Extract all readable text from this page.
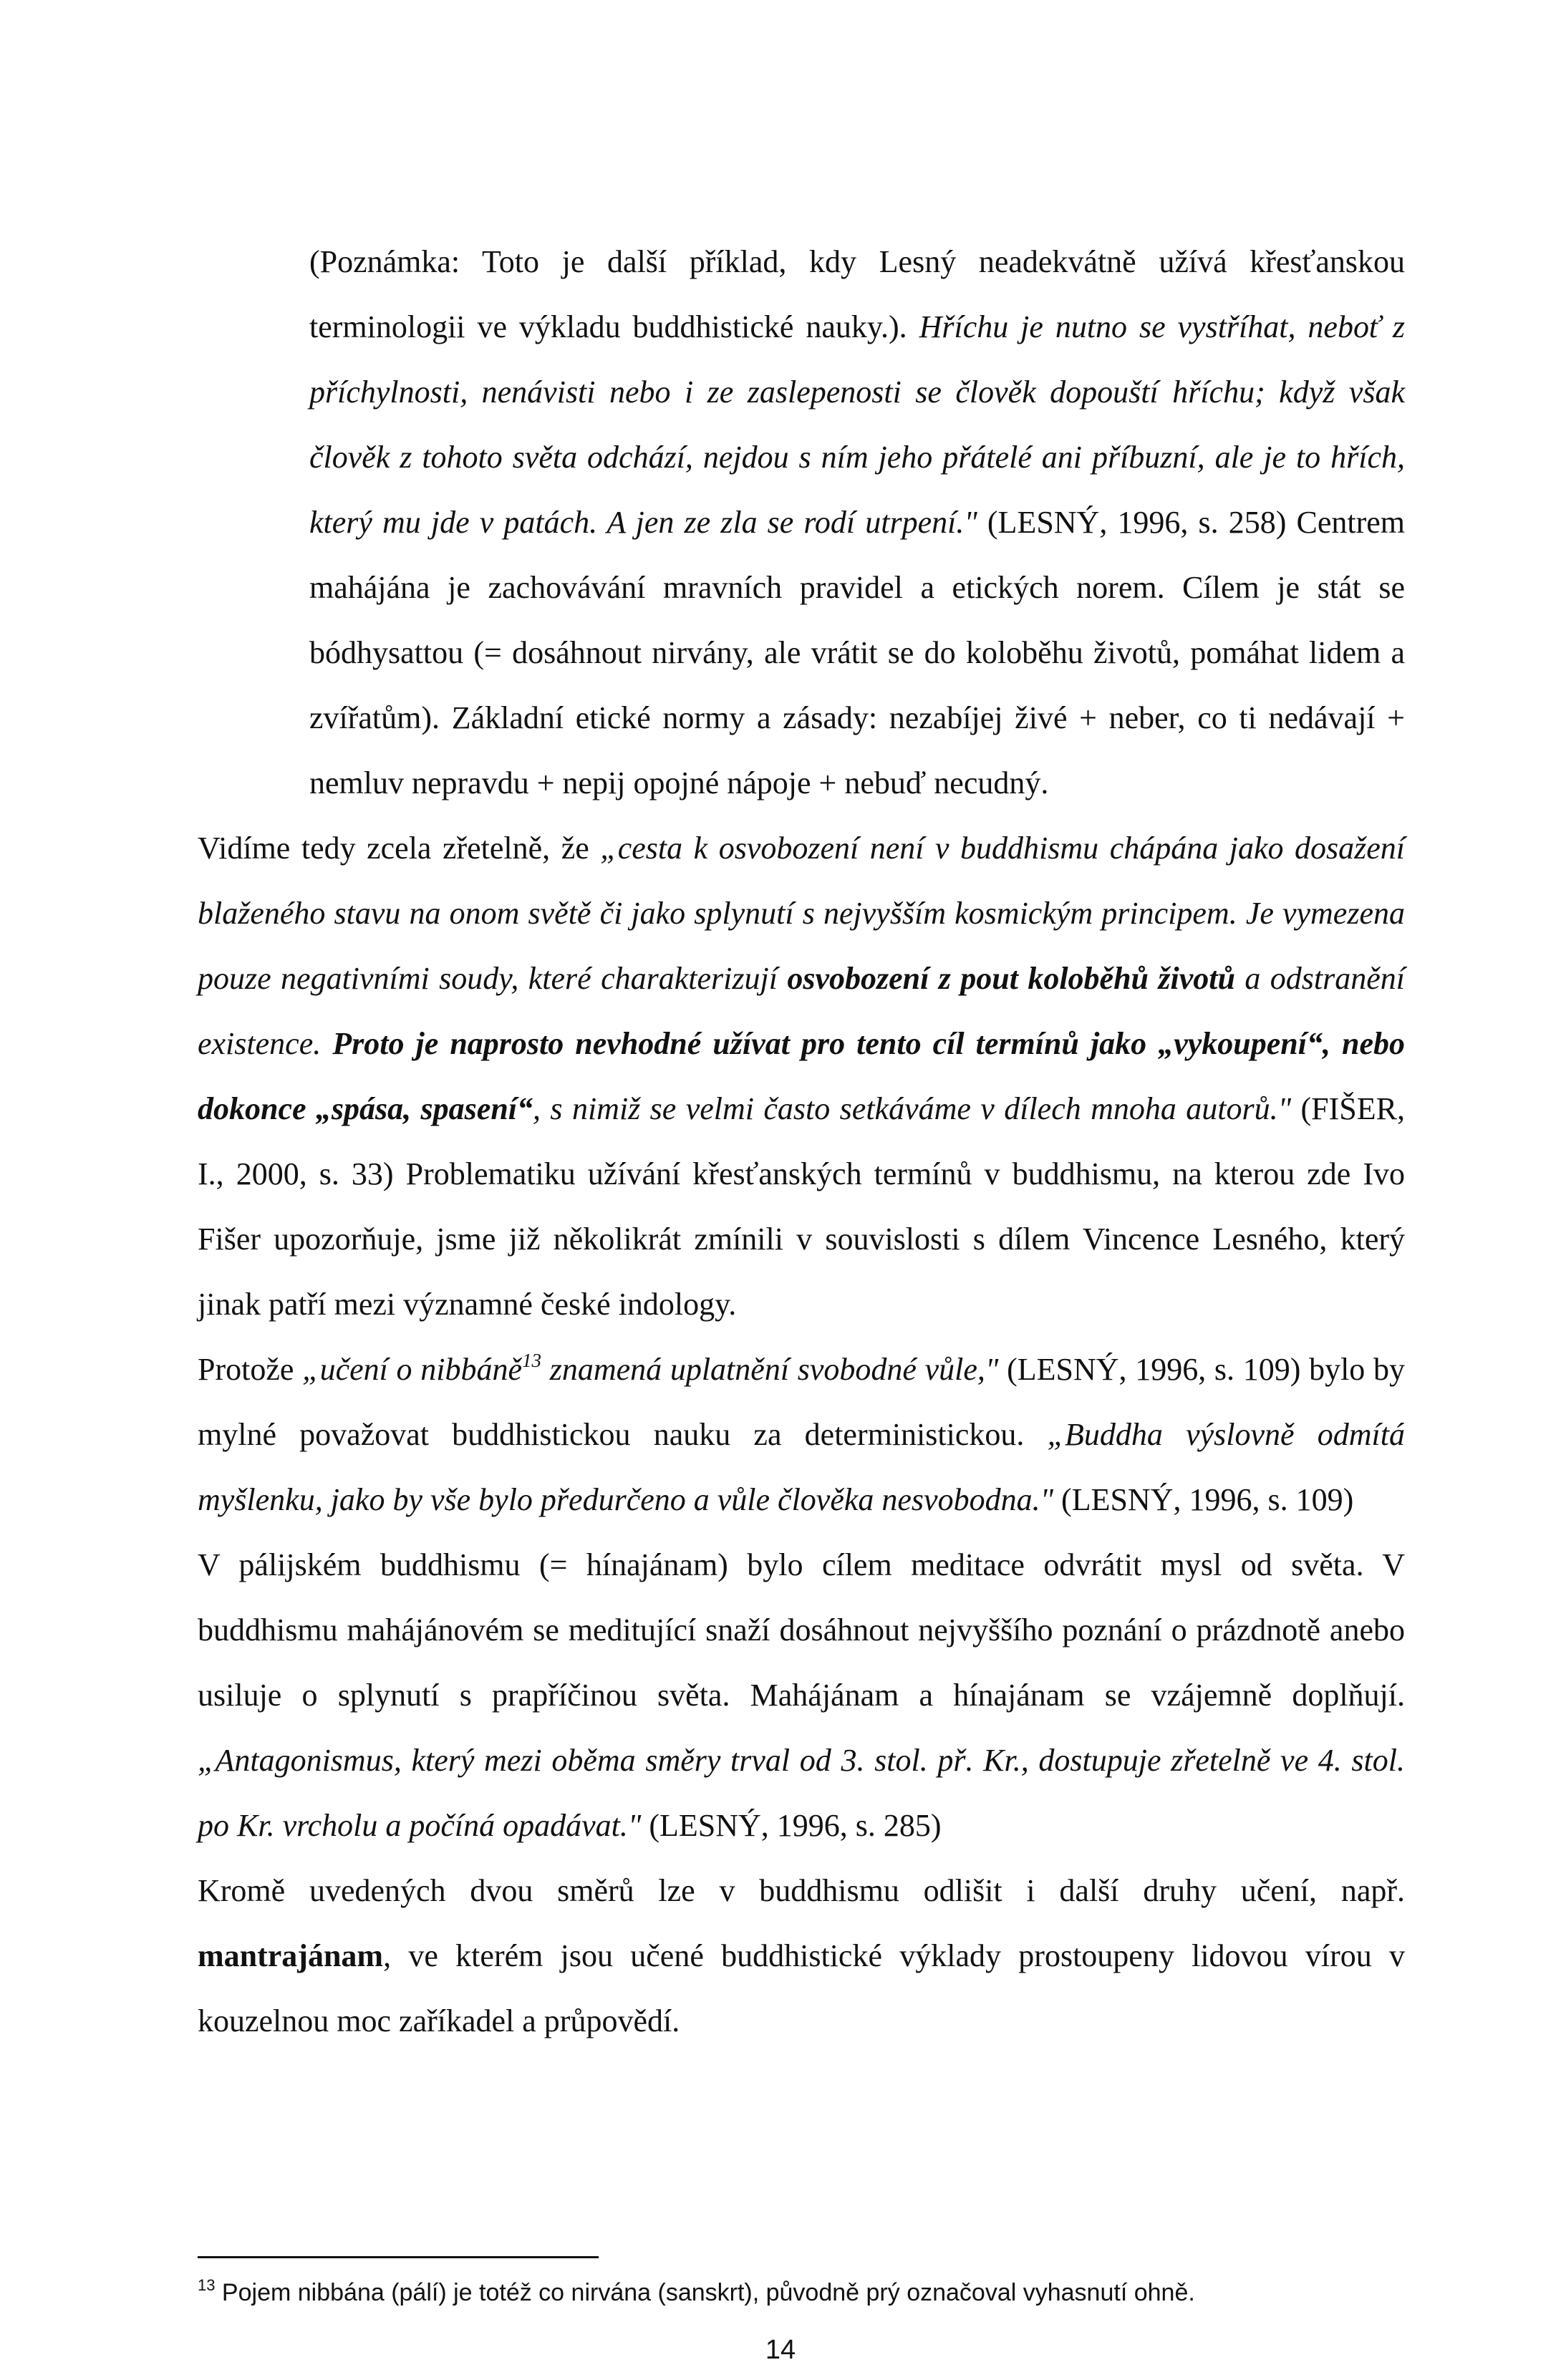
(Poznámka: Toto je další příklad, kdy Lesný neadekvátně užívá křesťanskou terminologii ve výkladu buddhistické nauky.). Hříchu je nutno se vystříhat, neboť z příchylnosti, nenávisti nebo i ze zaslepenosti se člověk dopouští hříchu; když však člověk z tohoto světa odchází, nejdou s ním jeho přátelé ani příbuzní, ale je to hřích, který mu jde v patách. A jen ze zla se rodí utrpení." (LESNÝ, 1996, s. 258) Centrem mahájána je zachovávání mravních pravidel a etických norem. Cílem je stát se bódhysattou (= dosáhnout nirvány, ale vrátit se do koloběhu životů, pomáhat lidem a zvířatům). Základní etické normy a zásady: nezabíjej živé + neber, co ti nedávají + nemluv nepravdu + nepij opojné nápoje + nebuď necudný.

Vidíme tedy zcela zřetelně, že „cesta k osvobození není v buddhismu chápána jako dosažení blaženého stavu na onom světě či jako splynutí s nejvyšším kosmickým principem. Je vymezena pouze negativními soudy, které charakterizují osvobození z pout koloběhů životů a odstranění existence. Proto je naprosto nevhodné užívat pro tento cíl termínů jako „vykoupení“, nebo dokonce „spása, spasení“, s nimiž se velmi často setkáváme v dílech mnoha autorů." (FIŠER, I., 2000, s. 33) Problematiku užívání křesťanských termínů v buddhismu, na kterou zde Ivo Fišer upozorňuje, jsme již několikrát zmínili v souvislosti s dílem Vincence Lesného, který jinak patří mezi významné české indology.

Protože „učení o nibbáně$^{13}$ znamená uplatnění svobodné vůle," (LESNÝ, 1996, s. 109) bylo by mylné považovat buddhistickou nauku za deterministickou. „Buddha výslovně odmítá myšlenku, jako by vše bylo předurčeno a vůle člověka nesvobodna." (LESNÝ, 1996, s. 109)

V pálijském buddhismu (= hínajánam) bylo cílem meditace odvrátit mysl od světa. V buddhismu mahájánovém se meditující snaží dosáhnout nejvyššího poznání o prázdnotě anebo usiluje o splynutí s prapříčinou světa. Mahájánam a hínajánam se vzájemně doplňují. „Antagonismus, který mezi oběma směry trval od 3. stol. př. Kr., dostupuje zřetelně ve 4. stol. po Kr. vrcholu a počíná opadávat." (LESNÝ, 1996, s. 285)

Kromě uvedených dvou směrů lze v buddhismu odlišit i další druhy učení, např. mantrajánam, ve kterém jsou učené buddhistické výklady prostoupeny lidovou vírou v kouzelnou moc zaříkadel a průpovědí.

$^{13}$ Pojem nibbána (pálí) je totéž co nirvána (sanskrt), původně prý označoval vyhasnutí ohně.
14
